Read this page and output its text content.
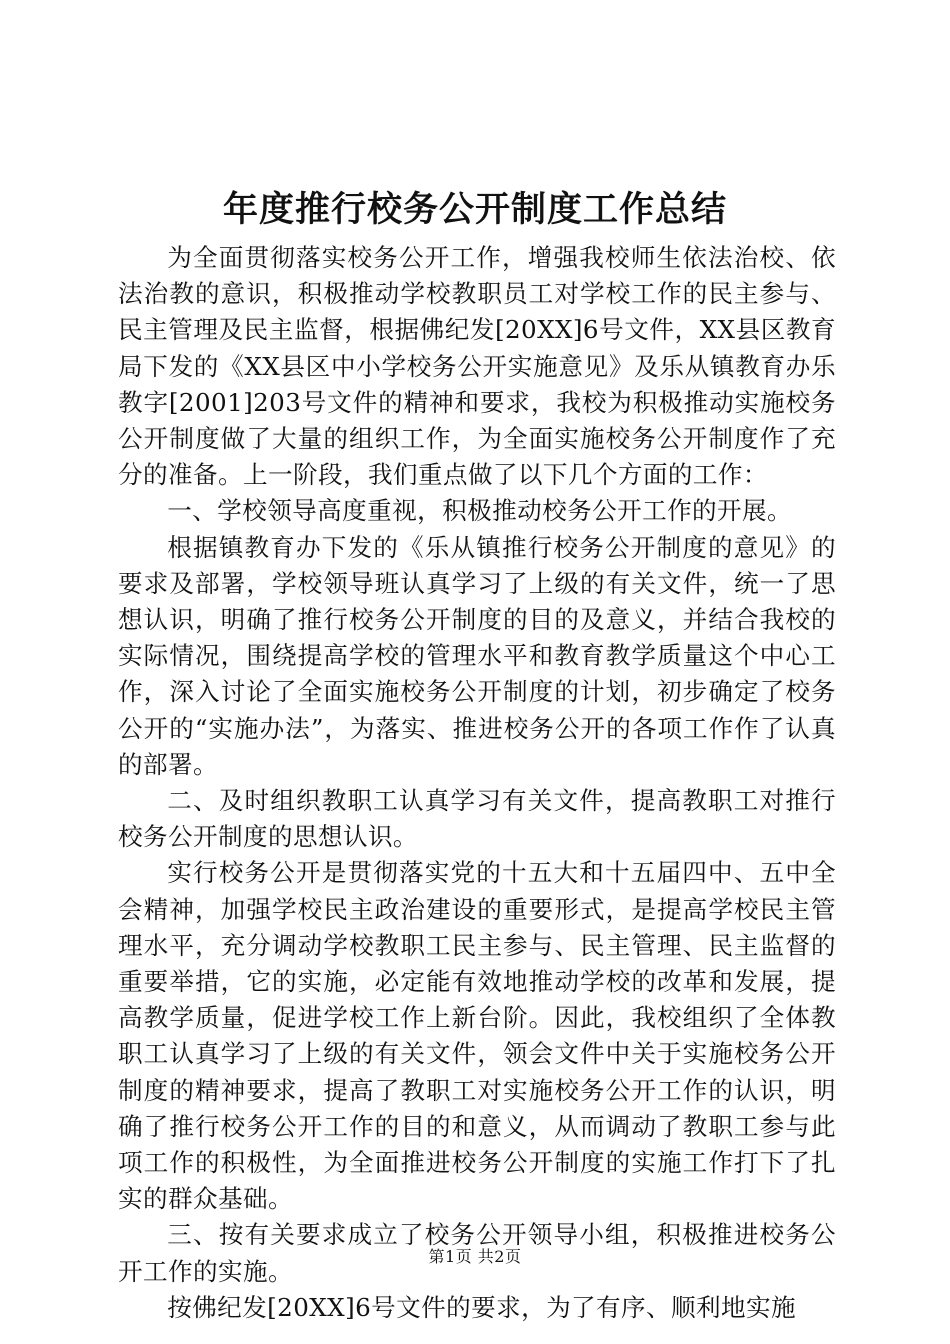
年度推行校务公开制度工作总结

为全面贯彻落实校务公开工作，增强我校师生依法治校、依法治教的意识，积极推动学校教职员工对学校工作的民主参与、民主管理及民主监督，根据佛纪发[20XX]6号文件，XX县区教育局下发的《XX县区中小学校务公开实施意见》及乐从镇教育办乐教字[2001]203号文件的精神和要求，我校为积极推动实施校务公开制度做了大量的组织工作，为全面实施校务公开制度作了充分的准备。上一阶段，我们重点做了以下几个方面的工作：

一、学校领导高度重视，积极推动校务公开工作的开展。

根据镇教育办下发的《乐从镇推行校务公开制度的意见》的要求及部署，学校领导班认真学习了上级的有关文件，统一了思想认识，明确了推行校务公开制度的目的及意义，并结合我校的实际情况，围绕提高学校的管理水平和教育教学质量这个中心工作，深入讨论了全面实施校务公开制度的计划，初步确定了校务公开的“实施办法”，为落实、推进校务公开的各项工作作了认真的部署。

二、及时组织教职工认真学习有关文件，提高教职工对推行校务公开制度的思想认识。

实行校务公开是贯彻落实党的十五大和十五届四中、五中全会精神，加强学校民主政治建设的重要形式，是提高学校民主管理水平，充分调动学校教职工民主参与、民主管理、民主监督的重要举措，它的实施，必定能有效地推动学校的改革和发展，提高教学质量，促进学校工作上新台阶。因此，我校组织了全体教职工认真学习了上级的有关文件，领会文件中关于实施校务公开制度的精神要求，提高了教职工对实施校务公开工作的认识，明确了推行校务公开工作的目的和意义，从而调动了教职工参与此项工作的积极性，为全面推进校务公开制度的实施工作打下了扎实的群众基础。

三、按有关要求成立了校务公开领导小组，积极推进校务公开工作的实施。

按佛纪发[20XX]6号文件的要求，为了有序、顺利地实施

第1页 共2页
